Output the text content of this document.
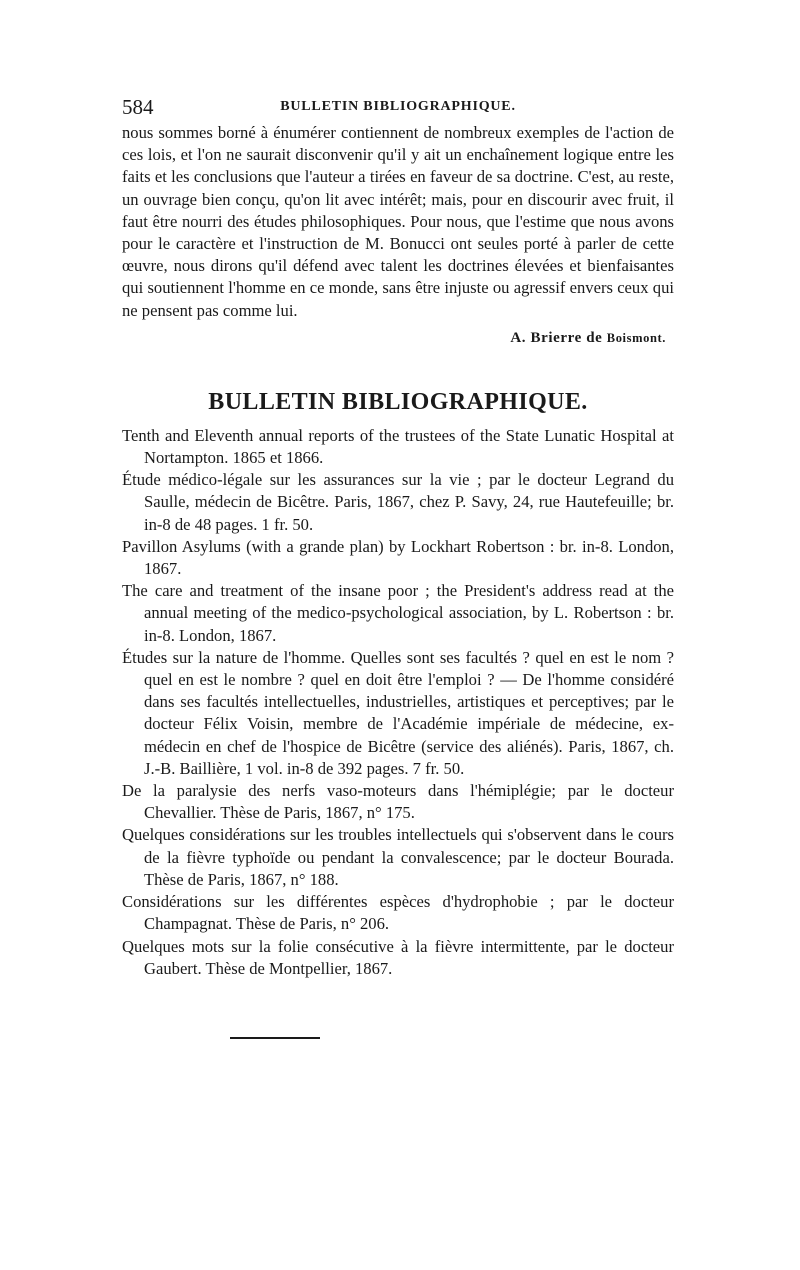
584	BULLETIN BIBLIOGRAPHIQUE.

nous sommes borné à énumérer contiennent de nombreux exemples de l'action de ces lois, et l'on ne saurait disconvenir qu'il y ait un enchaînement logique entre les faits et les conclusions que l'auteur a tirées en faveur de sa doctrine. C'est, au reste, un ouvrage bien conçu, qu'on lit avec intérêt; mais, pour en discourir avec fruit, il faut être nourri des études philosophiques. Pour nous, que l'estime que nous avons pour le caractère et l'instruction de M. Bonucci ont seules porté à parler de cette œuvre, nous dirons qu'il défend avec talent les doctrines élevées et bienfaisantes qui soutiennent l'homme en ce monde, sans être injuste ou agressif envers ceux qui ne pensent pas comme lui.

A. Brierre de Boismont.
BULLETIN BIBLIOGRAPHIQUE.
Tenth and Eleventh annual reports of the trustees of the State Lunatic Hospital at Nortampton. 1865 et 1866.
Étude médico-légale sur les assurances sur la vie ; par le docteur Legrand du Saulle, médecin de Bicêtre. Paris, 1867, chez P. Savy, 24, rue Hautefeuille; br. in-8 de 48 pages. 1 fr. 50.
Pavillon Asylums (with a grande plan) by Lockhart Robertson : br. in-8. London, 1867.
The care and treatment of the insane poor ; the President's address read at the annual meeting of the medico-psychological association, by L. Robertson : br. in-8. London, 1867.
Études sur la nature de l'homme. Quelles sont ses facultés ? quel en est le nom ? quel en est le nombre ? quel en doit être l'emploi ? — De l'homme considéré dans ses facultés intellectuelles, industrielles, artistiques et perceptives; par le docteur Félix Voisin, membre de l'Académie impériale de médecine, ex-médecin en chef de l'hospice de Bicêtre (service des aliénés). Paris, 1867, ch. J.-B. Baillière, 1 vol. in-8 de 392 pages. 7 fr. 50.
De la paralysie des nerfs vaso-moteurs dans l'hémiplégie; par le docteur Chevallier. Thèse de Paris, 1867, n° 175.
Quelques considérations sur les troubles intellectuels qui s'observent dans le cours de la fièvre typhoïde ou pendant la convalescence; par le docteur Bourada. Thèse de Paris, 1867, n° 188.
Considérations sur les différentes espèces d'hydrophobie ; par le docteur Champagnat. Thèse de Paris, n° 206.
Quelques mots sur la folie consécutive à la fièvre intermittente, par le docteur Gaubert. Thèse de Montpellier, 1867.
